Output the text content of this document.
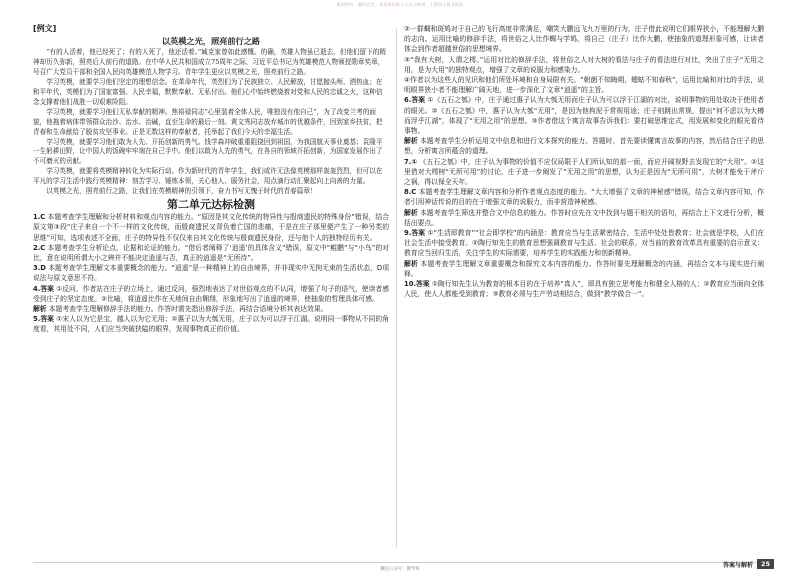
版权所有 · 翻印必究 · 本资料仅供个人学习使用，不得用于商业用途
[例文]
以英模之光，照亮前行之路

“有的人活着，他已经死了；有的人死了，他还活着。”臧克家曾如此感慨。的确，英雄人物虽已逝去，但他们留下的精神却历久弥新，照亮后人前行的道路。在中华人民共和国成立75周年之际，习近平总书记为英雄模范人物颁授勋章奖章，号召广大党员干部和全国人民向英雄模范人物学习。青年学生更应以英模之光，照亮前行之路。

学习英模，就要学习他们坚定的理想信念。在革命年代，英烈们为了民族独立、人民解放，甘愿抛头颅、洒热血；在和平年代，英模们为了国家富强、人民幸福，默默奉献、无私付出。他们心中始终燃烧着对党和人民的忠诚之火，这种信念支撑着他们战胜一切艰难险阻。

学习英模，就要学习他们无私奉献的精神。焦裕禄同志“心里装着全体人民，唯独没有他自己”，为了改变兰考的面貌，他拖着病体带领群众治沙、治水、治碱，直至生命的最后一刻。黄文秀同志放弃城市的优越条件，回到家乡扶贫，把青春和生命献给了脱贫攻坚事业。正是无数这样的奉献者，托举起了我们今天的幸福生活。

学习英模，就要学习他们敢为人先、开拓创新的勇气。钱学森冲破重重阻挠回到祖国，为我国航天事业奠基；袁隆平一生躬耕田野，让中国人的饭碗牢牢端在自己手中。他们以敢为人先的勇气，在各自的领域开拓创新，为国家发展作出了不可磨灭的贡献。

学习英模，就要将英模精神转化为实际行动。作为新时代的青年学生，我们或许无法像英模那样轰轰烈烈，但可以在平凡的学习生活中践行英模精神：刻苦学习、锤炼本领，关心他人、服务社会，用点滴行动汇聚起向上向善的力量。

以英模之光，照亮前行之路，让我们在英模精神的引领下，奋力书写无愧于时代的青春篇章！

第二单元达标检测

1.C 本题考查学生理解和分析材料和观点内容的能力。“原因是其文化传统的特异性与殷商遗民的特殊身份”错误，结合原文第③段“庄子来自一个不一样的文化传统，而殷商遗民又背负着亡国的悲痛，于是在庄子那里便产生了一种另类的思维”可知，选项表述不全面，庄子的特异性不仅仅来自其文化传统与殷商遗民身份，还与他个人的独特经历有关。

2.C 本题考查学生分析论点、论据和论证的能力。“借后者阐释了‘逍遥’的具体含义”错误，原文中“鲲鹏”与“小鸟”的对比，意在说明所谓大小之辨并不能决定逍遥与否，真正的逍遥是“无所待”。

3.D 本题考查学生理解文本重要概念的能力。“逍遥”是一种精神上的自由境界，并非现实中无拘无束的生活状态，D项说法与原文意思不符。

4.答案 ①反问，作者站在庄子的立场上，通过反问，强烈地表达了对世俗观点的不认同，增强了句子的语气，使读者感受到庄子的坚定态度。②比喻，将逍遥比作在天地间自由翱翔，形象地写出了逍遥的境界，使抽象的哲理具体可感。

解析 本题考查学生理解修辞手法的能力。作答时需先指出修辞手法，再结合语境分析其表达效果。

5.答案 ①宋人以为它是宝，越人以为它无用；②惠子以为大瓠无用，庄子以为可以浮于江湖。说明同一事物从不同的角度看，其用处不同，人们应当突破狭隘的眼界，发现事物真正的价值。

②一群蜩和斑鸠对于自己的飞行高度非常满足，嘲笑大鹏远飞九万里的行为，庄子借此说明它们眼界狭小，不能理解大鹏的志向。运用比喻的修辞手法，将世俗之人比作蜩与学鸠，将自己（庄子）比作大鹏，使抽象的道理形象可感，让读者体会到作者超越世俗的思想境界。

③“我有大树，人谓之樗。”运用对比的修辞手法，将世俗之人对大树的看法与庄子的看法进行对比，突出了庄子“无用之用，是为大用”的独特观点，增强了文章的说服力和感染力。

④作者以为这些人的见识和他们所处环境和自身局限有关。“朝菌不知晦朔，蟪蛄不知春秋”，运用比喻和对比的手法，说明眼界狭小者不能理解广阔天地，进一步深化了文章“逍遥”的主旨。

6.答案 ①《五石之瓠》中，庄子通过惠子认为大瓠无用而庄子认为可以浮于江湖的对比，说明事物的用处取决于使用者的眼光。②《五石之瓠》中，惠子认为大瓠“无用”，是因为他拘泥于常规用途；庄子则跳出常规，提出“何不虑以为大樽而浮乎江湖”，体现了“无用之用”的思想。③作者借这个寓言故事告诉我们：要打破思维定式，用发展和变化的眼光看待事物。

解析 本题考查学生分析运用文中信息和进行文本探究的能力。答题时，首先要读懂寓言故事的内容，然后结合庄子的思想，分析寓言所蕴含的道理。

7.① 《五石之瓠》中，庄子认为事物的价值不应仅局限于人们所认知的那一面，而应开阔视野去发现它的“大用”。②这里借对大樗树“无所可用”的讨论，庄子进一步阐发了“无用之用”的思想，认为正是因为“无所可用”，大树才能免于斧斤之祸，得以保全天年。

8.C 本题考查学生理解文章内容和分析作者观点态度的能力。“大大增强了文章的神秘感”错误，结合文章内容可知，作者引用神话传说的目的在于增强文章的说服力，而非营造神秘感。

解析 本题考查学生筛选并整合文中信息的能力。作答时应先在文中找到与题干相关的语句，再结合上下文进行分析，概括出要点。

9.答案 ①“生活即教育”“社会即学校”的内涵是：教育应当与生活紧密结合，生活中处处皆教育；社会就是学校，人们在社会生活中接受教育。②陶行知先生的教育思想强调教育与生活、社会的联系，对当前的教育改革具有重要的启示意义：教育应当回归生活，关注学生的实际需要，培养学生的实践能力和创新精神。

解析 本题考查学生理解文章重要概念和探究文本内容的能力。作答时要先理解概念的内涵，再结合文本与现实进行阐释。

10.答案 ①陶行知先生认为教育的根本目的在于培养“真人”，即具有独立思考能力和健全人格的人；②教育应当面向全体人民，使人人都能受到教育；③教育必须与生产劳动相结合，做到“教学做合一”。

微信公众号：教学库
答案与解析	25
